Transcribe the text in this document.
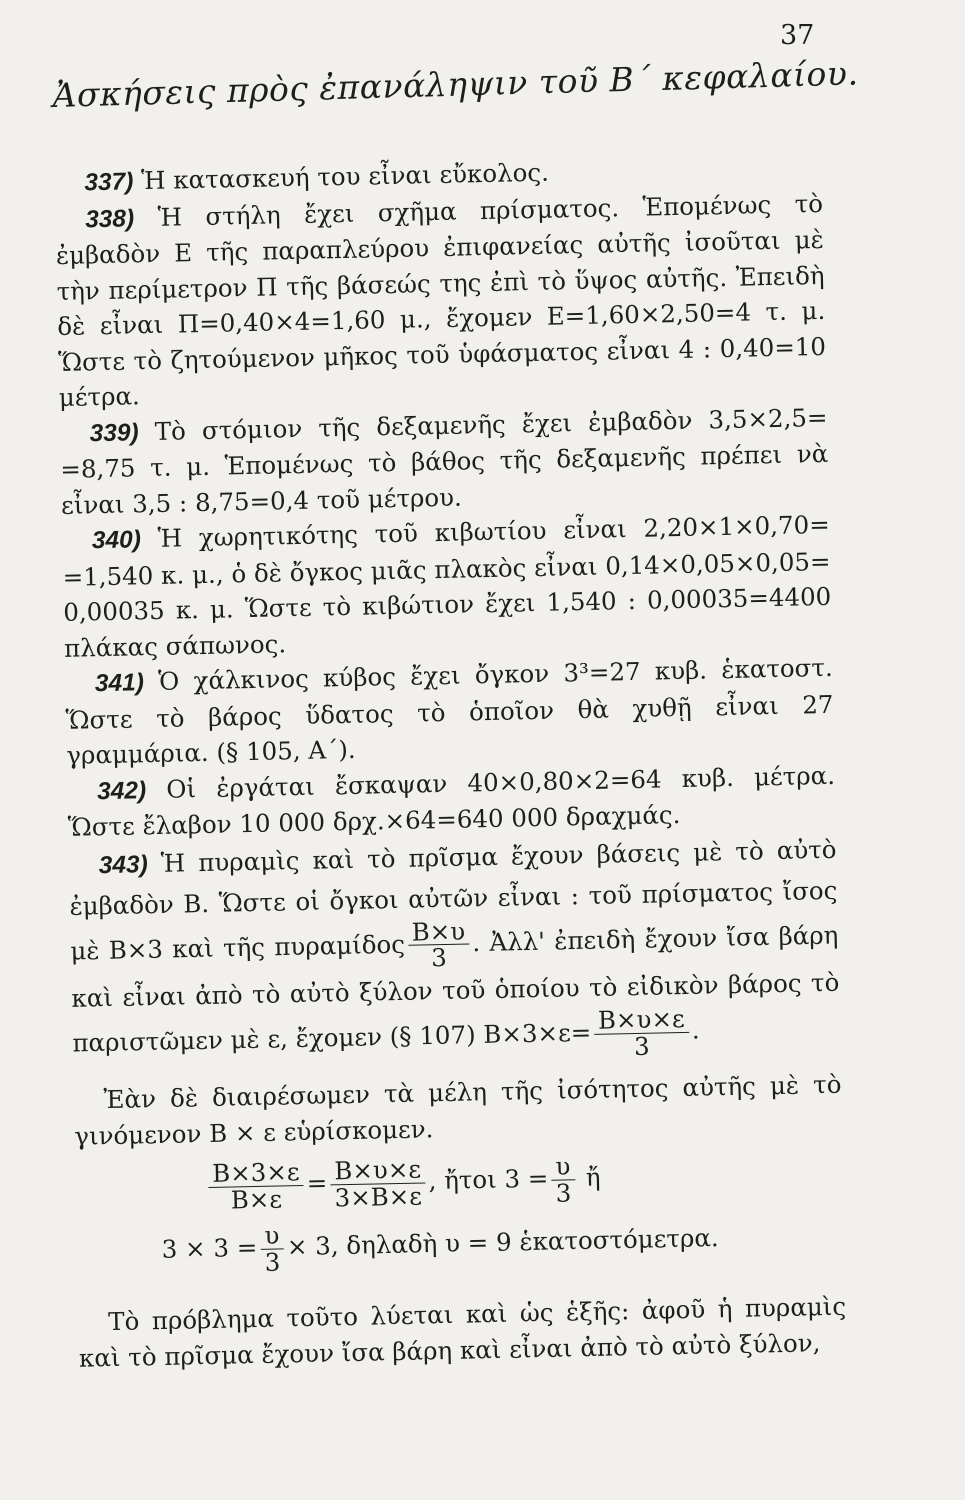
37
Ἀσκήσεις πρὸς ἐπανάληψιν τοῦ Β΄ κεφαλαίου.

337) Ἡ κατασκευή του εἶναι εὔκολος.

338) Ἡ στήλη ἔχει σχῆμα πρίσματος. Ἑπομένως τὸ ἐμβαδὸν Ε τῆς παραπλεύρου ἐπιφανείας αὐτῆς ἰσοῦται μὲ τὴν περίμετρον Π τῆς βάσεώς της ἐπὶ τὸ ὕψος αὐτῆς. Ἐπειδὴ δὲ εἶναι Π=0,40×4=1,60 μ., ἔχομεν Ε=1,60×2,50=4 τ. μ. Ὥστε τὸ ζητούμενον μῆκος τοῦ ὑφάσματος εἶναι 4 : 0,40=10 μέτρα.

339) Τὸ στόμιον τῆς δεξαμενῆς ἔχει ἐμβαδὸν 3,5×2,5= =8,75 τ. μ. Ἑπομένως τὸ βάθος τῆς δεξαμενῆς πρέπει νὰ εἶναι 3,5 : 8,75=0,4 τοῦ μέτρου.

340) Ἡ χωρητικότης τοῦ κιβωτίου εἶναι 2,20×1×0,70= =1,540 κ. μ., ὁ δὲ ὄγκος μιᾶς πλακὸς εἶναι 0,14×0,05×0,05= 0,00035 κ. μ. Ὥστε τὸ κιβώτιον ἔχει 1,540 : 0,00035=4400 πλάκας σάπωνος.

341) Ὁ χάλκινος κύβος ἔχει ὄγκον 3³=27 κυβ. ἑκατοστ. Ὥστε τὸ βάρος ὕδατος τὸ ὁποῖον θὰ χυθῇ εἶναι 27 γραμμάρια. (§ 105, Α΄).

342) Οἱ ἐργάται ἔσκαψαν 40×0,80×2=64 κυβ. μέτρα. Ὥστε ἔλαβον 10 000 δρχ.×64=640 000 δραχμάς.

343) Ἡ πυραμὶς καὶ τὸ πρῖσμα ἔχουν βάσεις μὲ τὸ αὐτὸ ἐμβαδὸν Β. Ὥστε οἱ ὄγκοι αὐτῶν εἶναι : τοῦ πρίσματος ἴσος μὲ Β×3 καὶ τῆς πυραμίδος $\frac{B\times\upsilon}{3}$ . Ἀλλ' ἐπειδὴ ἔχουν ἴσα βάρη καὶ εἶναι ἀπὸ τὸ αὐτὸ ξύλον τοῦ ὁποίου τὸ εἰδικὸν βάρος τὸ παριστῶμεν μὲ ε, ἔχομεν (§ 107) $B\times 3\times\varepsilon= \frac{B\times\upsilon\times\varepsilon}{3}$ .

Ἐὰν δὲ διαιρέσωμεν τὰ μέλη τῆς ἰσότητος αὐτῆς μὲ τὸ γινόμενον Β × ε εὑρίσκομεν.

$\frac{B\times 3\times\varepsilon}{B\times\varepsilon} = \frac{B\times\upsilon\times\varepsilon}{3\times B\times\varepsilon}$ , ἤτοι $3 = \frac{\upsilon}{3}$ ἤ

$3 \times 3 = \frac{\upsilon}{3} \times 3$, δηλαδὴ υ = 9 ἑκατοστόμετρα.

Τὸ πρόβλημα τοῦτο λύεται καὶ ὡς ἑξῆς: ἀφοῦ ἡ πυραμὶς καὶ τὸ πρῖσμα ἔχουν ἴσα βάρη καὶ εἶναι ἀπὸ τὸ αὐτὸ ξύλον,
